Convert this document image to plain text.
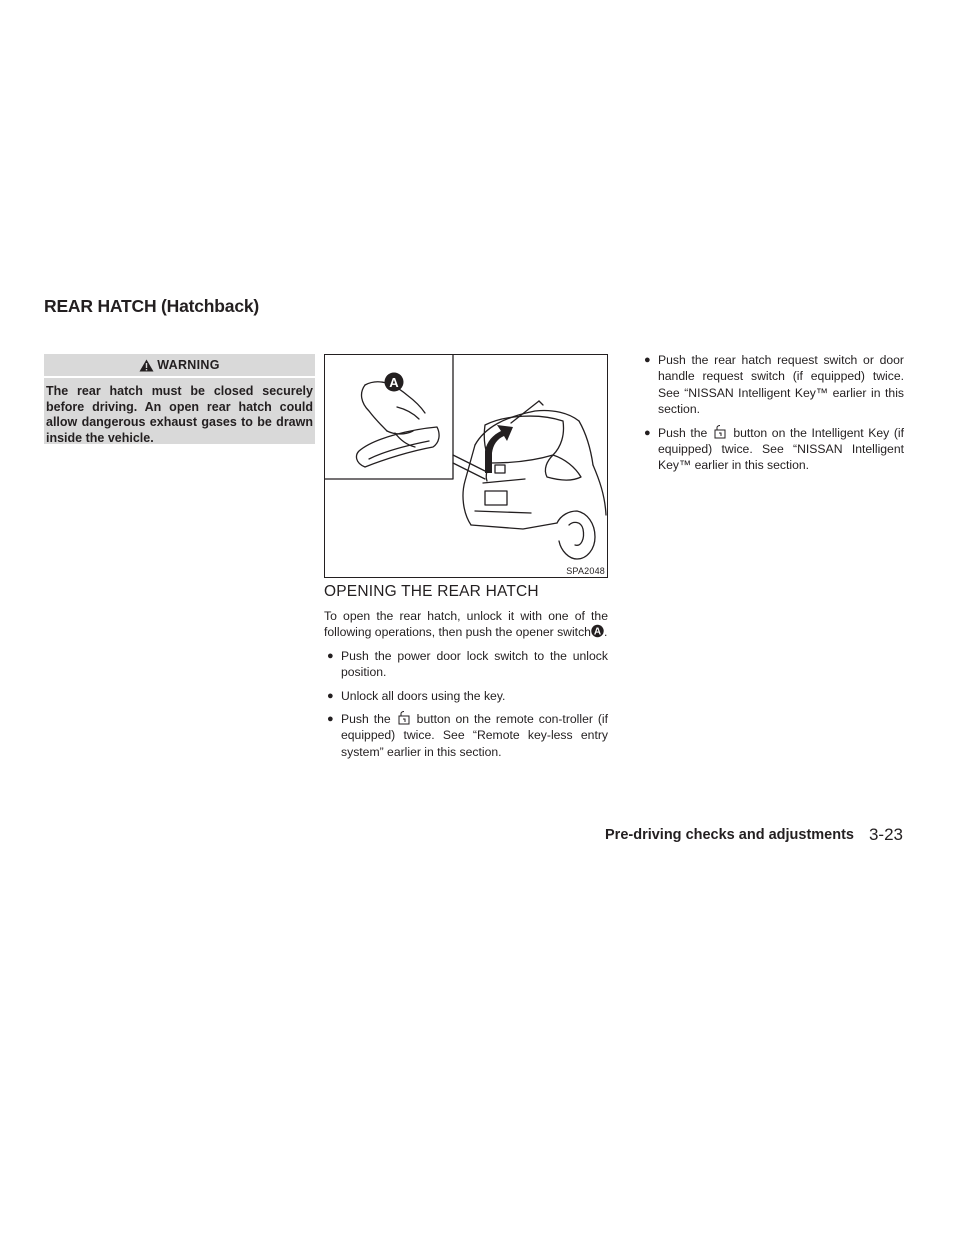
REAR HATCH (Hatchback)
WARNING

The rear hatch must be closed securely before driving. An open rear hatch could allow dangerous exhaust gases to be drawn inside the vehicle.

A
SPA2048
OPENING THE REAR HATCH

To open the rear hatch, unlock it with one of the following operations, then push the opener switch A .

● Push the power door lock switch to the unlock position.

● Unlock all doors using the key.

● Push the button on the remote con-troller (if equipped) twice. See “Remote key-less entry system” earlier in this section.

● Push the rear hatch request switch or door handle request switch (if equipped) twice. See “NISSAN Intelligent Key™ earlier in this section.

● Push the button on the Intelligent Key (if equipped) twice. See “NISSAN Intelligent Key™ earlier in this section.

Pre-driving checks and adjustments 3-23
